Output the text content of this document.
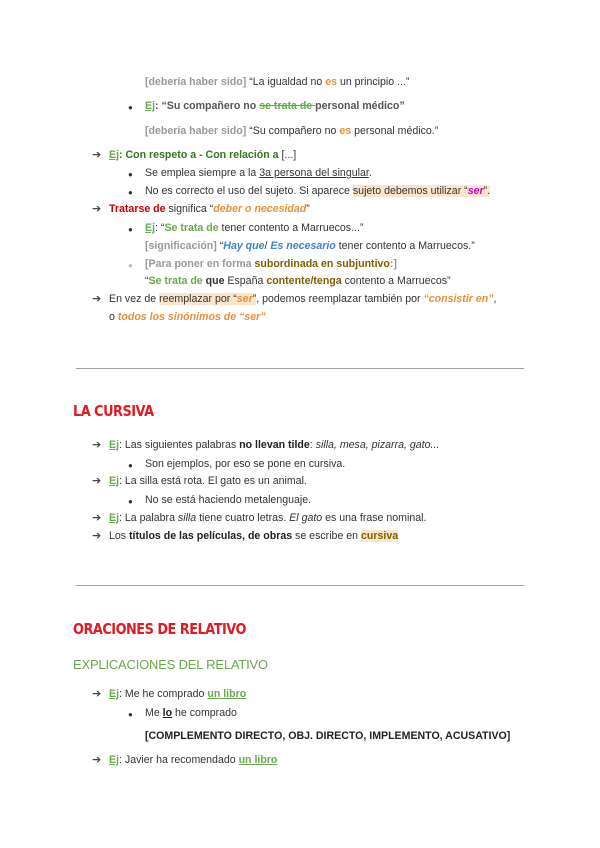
[debería haber sido] “La igualdad no es un principio ...”
● Ej: “Su compañero no se trata de personal médico”
[debería haber sido] “Su compañero no es personal médico.”
➔ Ej: Con respeto a - Con relación a [...]
● Se emplea siempre a la 3a persona del singular.
● No es correcto el uso del sujeto. Si aparece sujeto debemos utilizar “ser”.
➔ Tratarse de significa “deber o necesidad”
● Ej: “Se trata de tener contento a Marruecos...”
[significación] “Hay que/ Es necesario tener contento a Marruecos.”
● [Para poner en forma subordinada en subjuntivo:]
“Se trata de que España contente/tenga contento a Marruecos”
➔ En vez de reemplazar por “ser”, podemos reemplazar también por “consistir en”,
o todos los sinónimos de “ser”
LA CURSIVA
➔ Ej: Las siguientes palabras no llevan tilde: silla, mesa, pizarra, gato...
● Son ejemplos, por eso se pone en cursiva.
➔ Ej: La silla está rota. El gato es un animal.
● No se está haciendo metalenguaje.
➔ Ej: La palabra silla tiene cuatro letras. El gato es una frase nominal.
➔ Los títulos de las películas, de obras se escribe en cursiva
ORACIONES DE RELATIVO
EXPLICACIONES DEL RELATIVO
➔ Ej: Me he comprado un libro
● Me lo he comprado
[COMPLEMENTO DIRECTO, OBJ. DIRECTO, IMPLEMENTO, ACUSATIVO]
➔ Ej: Javier ha recomendado un libro
